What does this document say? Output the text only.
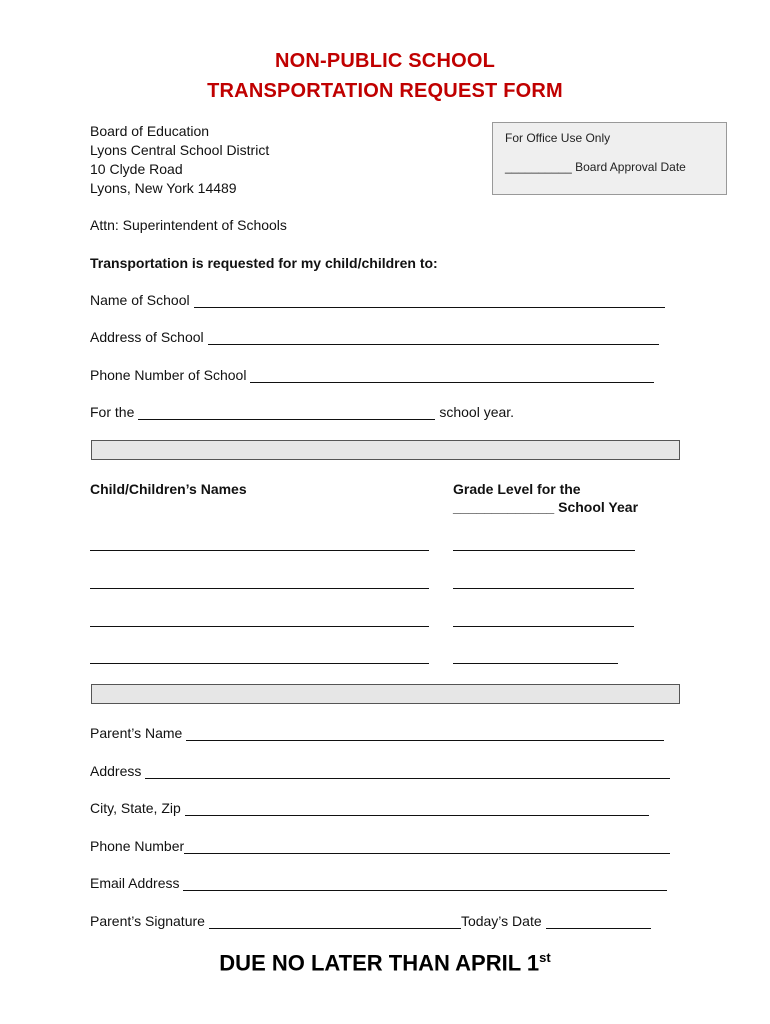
NON-PUBLIC SCHOOL
TRANSPORTATION REQUEST FORM
Board of Education
Lyons Central School District
10 Clyde Road
Lyons, New York 14489
For Office Use Only
__________ Board Approval Date
Attn: Superintendent of Schools
Transportation is requested for my child/children to:
Name of School
Address of School
Phone Number of School
For the	school year.
Child/Children’s Names	Grade Level for the
_____________ School Year
Parent’s Name
Address
City, State, Zip
Phone Number
Email Address
Parent’s Signature	Today’s Date
DUE NO LATER THAN APRIL 1st
